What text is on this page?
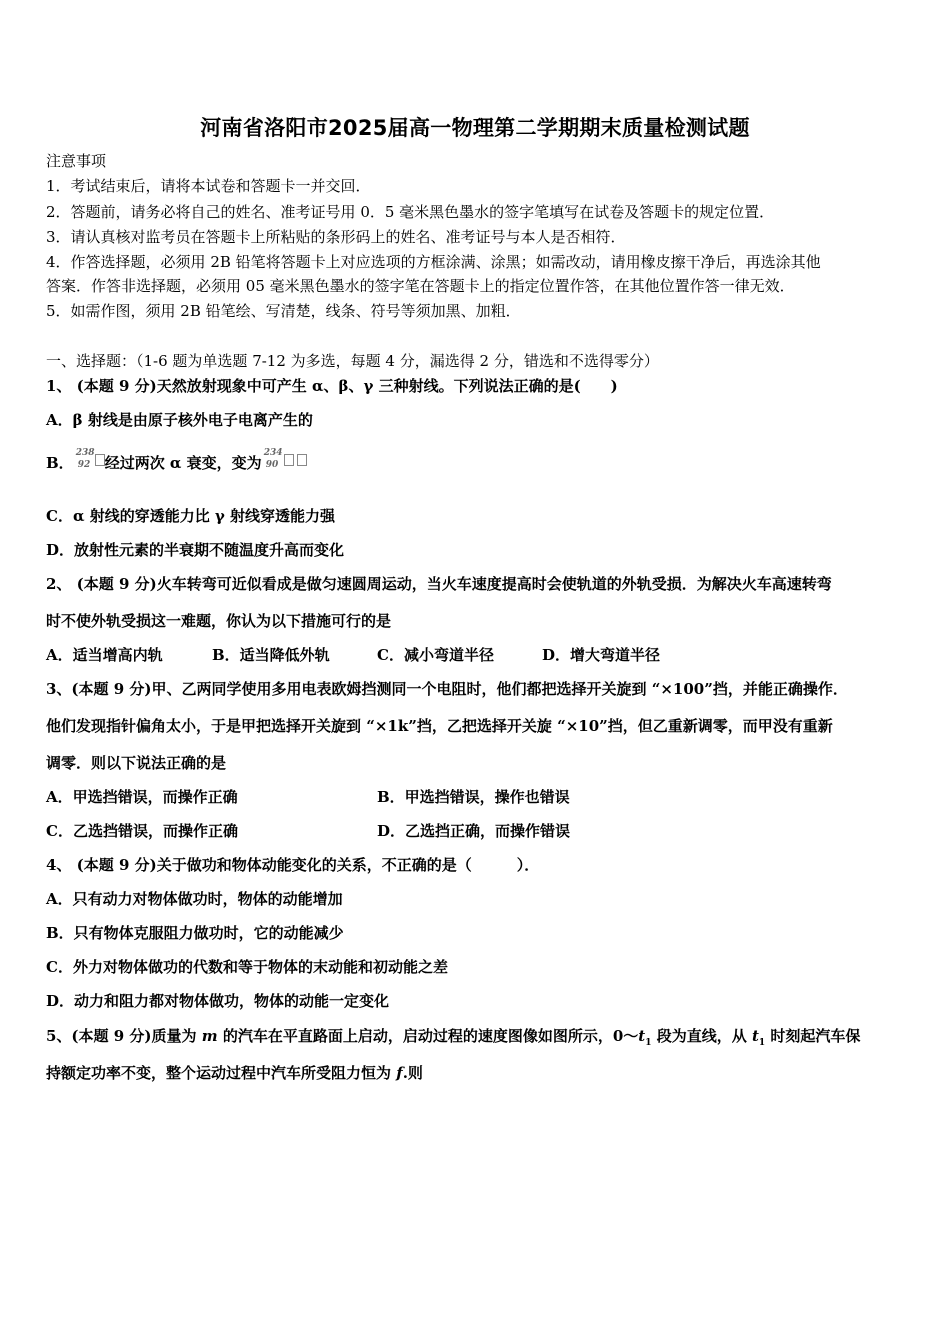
河南省洛阳市2025届高一物理第二学期期末质量检测试题
注意事项
1．考试结束后，请将本试卷和答题卡一并交回．
2．答题前，请务必将自己的姓名、准考证号用 0．5 毫米黑色墨水的签字笔填写在试卷及答题卡的规定位置．
3．请认真核对监考员在答题卡上所粘贴的条形码上的姓名、准考证号与本人是否相符．
4．作答选择题，必须用 2B 铅笔将答题卡上对应选项的方框涂满、涂黑；如需改动，请用橡皮擦干净后，再选涂其他
答案．作答非选择题，必须用 05 毫米黑色墨水的签字笔在答题卡上的指定位置作答，在其他位置作答一律无效．
5．如需作图，须用 2B 铅笔绘、写清楚，线条、符号等须加黑、加粗．
一、选择题：（1-6 题为单选题 7-12 为多选，每题 4 分，漏选得 2 分，错选和不选得零分）
1、 (本题 9 分)天然放射现象中可产生 α、β、γ 三种射线。下列说法正确的是(　　)
A．β 射线是由原子核外电子电离产生的
B．
238
92 经过两次 α 衰变，变为
234
90
C．α 射线的穿透能力比 γ 射线穿透能力强
D．放射性元素的半衰期不随温度升高而变化
2、 (本题 9 分)火车转弯可近似看成是做匀速圆周运动，当火车速度提高时会使轨道的外轨受损．为解决火车高速转弯
时不使外轨受损这一难题，你认为以下措施可行的是
A．适当增高内轨	B．适当降低外轨	C．减小弯道半径	D．增大弯道半径
3、(本题 9 分)甲、乙两同学使用多用电表欧姆挡测同一个电阻时，他们都把选择开关旋到 “×100”挡，并能正确操作．
他们发现指针偏角太小，于是甲把选择开关旋到 “×1k”挡，乙把选择开关旋 “×10”挡，但乙重新调零，而甲没有重新
调零．则以下说法正确的是
A．甲选挡错误，而操作正确	B．甲选挡错误，操作也错误
C．乙选挡错误，而操作正确	D．乙选挡正确，而操作错误
4、 (本题 9 分)关于做功和物体动能变化的关系，不正确的是（　　　）．
A．只有动力对物体做功时，物体的动能增加
B．只有物体克服阻力做功时，它的动能减少
C．外力对物体做功的代数和等于物体的末动能和初动能之差
D．动力和阻力都对物体做功，物体的动能一定变化
5、(本题 9 分)质量为 m 的汽车在平直路面上启动，启动过程的速度图像如图所示，$0\sim t_1$ 段为直线，从 $t_1$ 时刻起汽车保
持额定功率不变，整个运动过程中汽车所受阻力恒为 f.则
